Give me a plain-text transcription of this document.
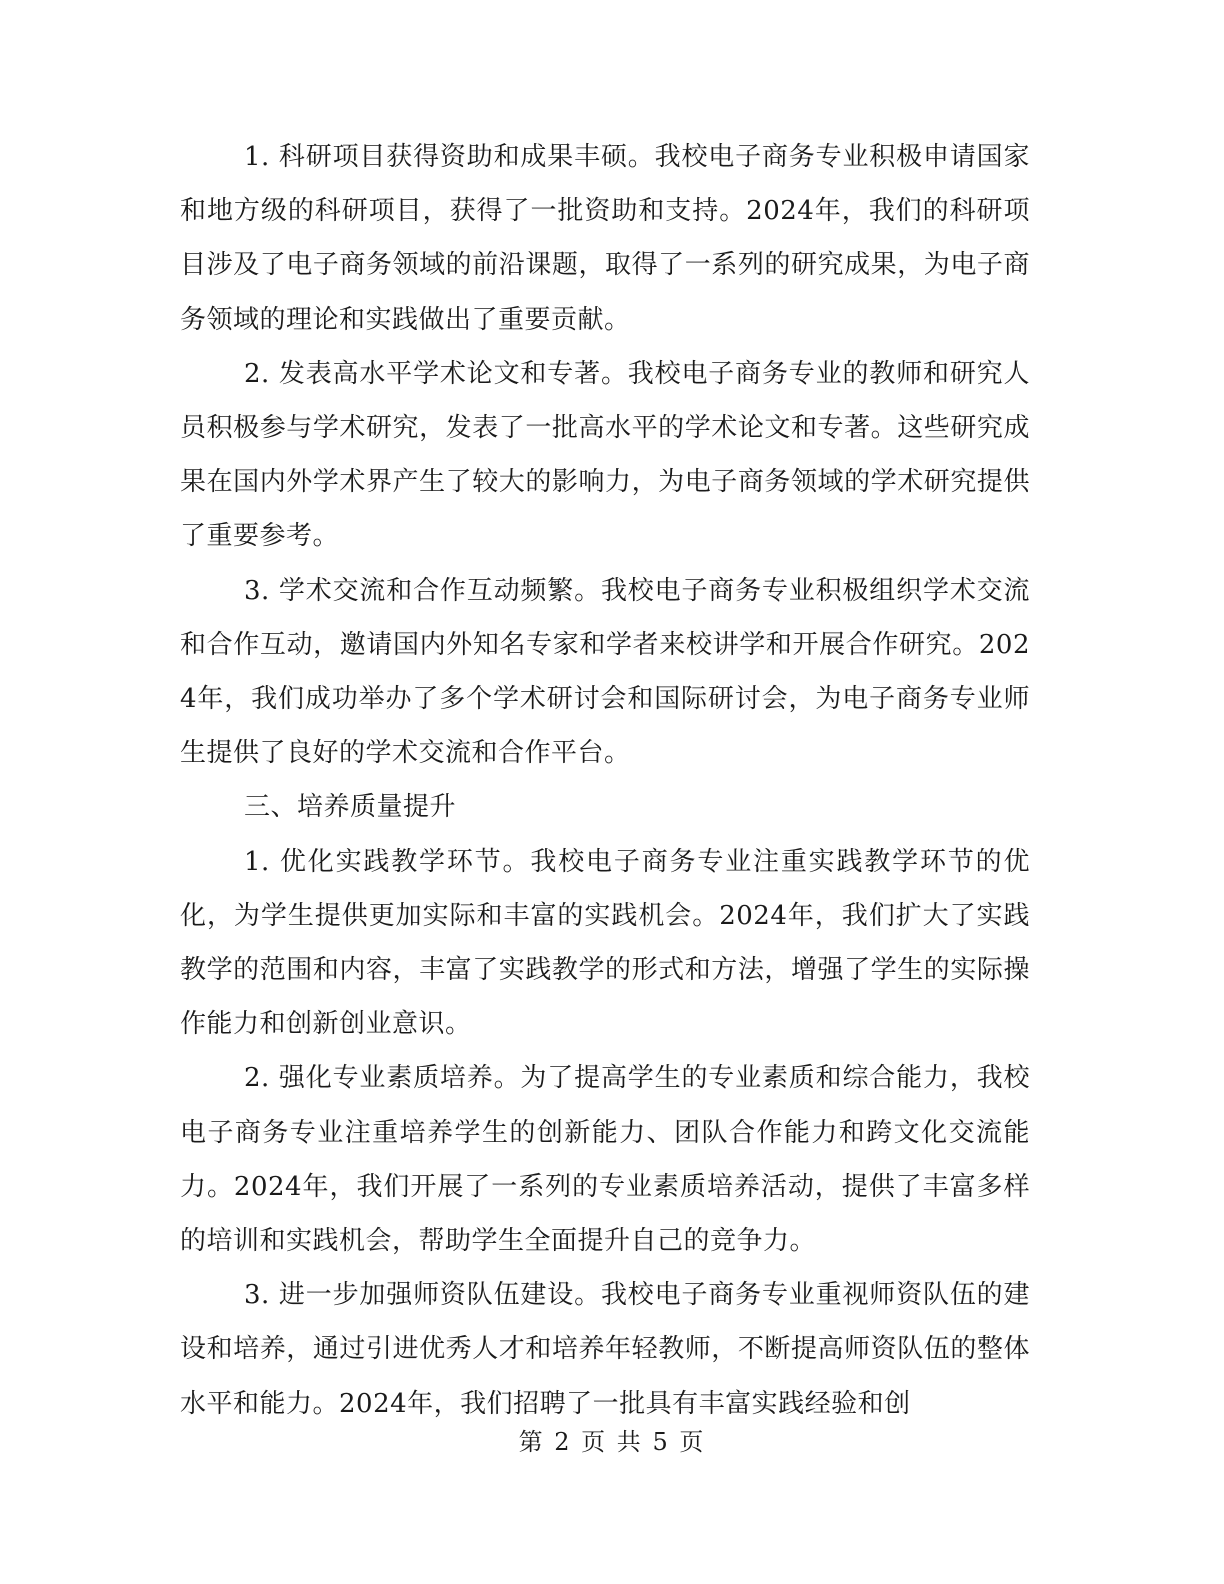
1. 科研项目获得资助和成果丰硕。我校电子商务专业积极申请国家和地方级的科研项目，获得了一批资助和支持。2024年，我们的科研项目涉及了电子商务领域的前沿课题，取得了一系列的研究成果，为电子商务领域的理论和实践做出了重要贡献。

2. 发表高水平学术论文和专著。我校电子商务专业的教师和研究人员积极参与学术研究，发表了一批高水平的学术论文和专著。这些研究成果在国内外学术界产生了较大的影响力，为电子商务领域的学术研究提供了重要参考。

3. 学术交流和合作互动频繁。我校电子商务专业积极组织学术交流和合作互动，邀请国内外知名专家和学者来校讲学和开展合作研究。2024年，我们成功举办了多个学术研讨会和国际研讨会，为电子商务专业师生提供了良好的学术交流和合作平台。

三、培养质量提升

1. 优化实践教学环节。我校电子商务专业注重实践教学环节的优化，为学生提供更加实际和丰富的实践机会。2024年，我们扩大了实践教学的范围和内容，丰富了实践教学的形式和方法，增强了学生的实际操作能力和创新创业意识。

2. 强化专业素质培养。为了提高学生的专业素质和综合能力，我校电子商务专业注重培养学生的创新能力、团队合作能力和跨文化交流能力。2024年，我们开展了一系列的专业素质培养活动，提供了丰富多样的培训和实践机会，帮助学生全面提升自己的竞争力。

3. 进一步加强师资队伍建设。我校电子商务专业重视师资队伍的建设和培养，通过引进优秀人才和培养年轻教师，不断提高师资队伍的整体水平和能力。2024年，我们招聘了一批具有丰富实践经验和创

第 2 页 共 5 页
